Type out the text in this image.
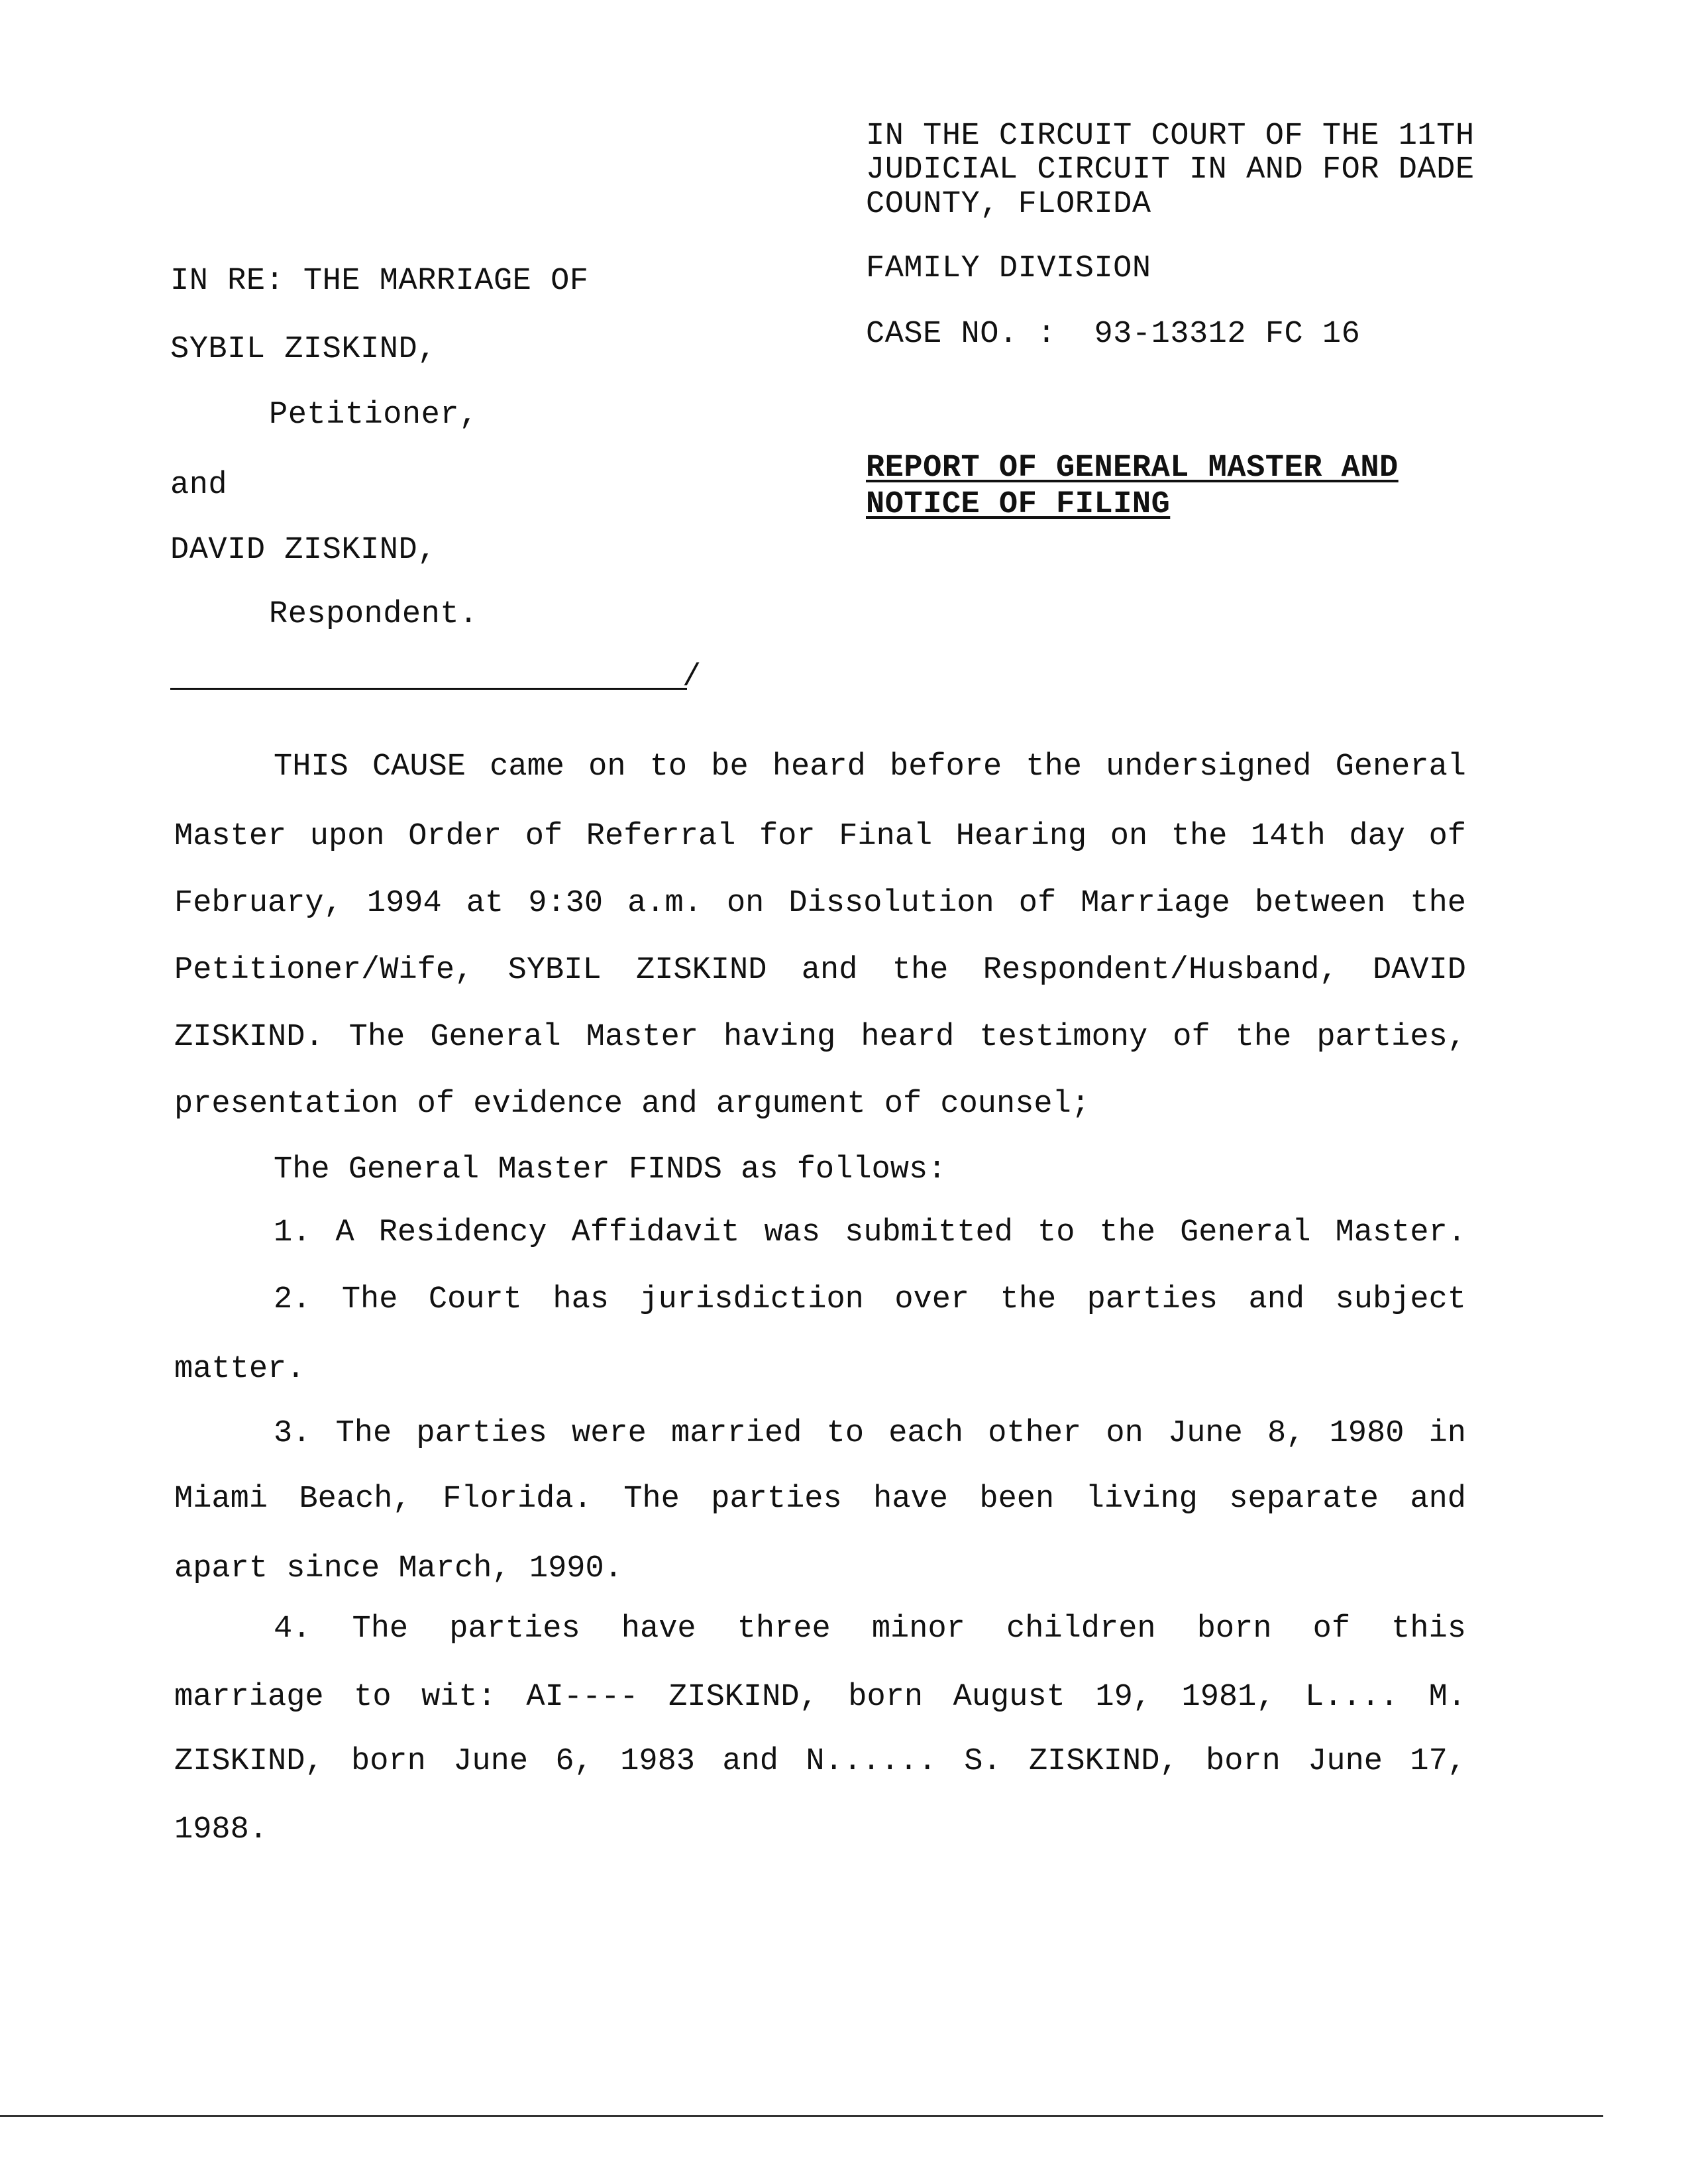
IN THE CIRCUIT COURT OF THE 11TH
JUDICIAL CIRCUIT IN AND FOR DADE
COUNTY, FLORIDA
FAMILY DIVISION
CASE NO. :  93-13312 FC 16
REPORT OF GENERAL MASTER AND
NOTICE OF FILING
IN RE: THE MARRIAGE OF
SYBIL ZISKIND,
Petitioner,
and
DAVID ZISKIND,
Respondent.
/
THIS CAUSE came on to be heard before the undersigned General
Master upon Order of Referral for Final Hearing on the 14th day of
February, 1994 at 9:30 a.m. on Dissolution of Marriage between the
Petitioner/Wife, SYBIL ZISKIND and the Respondent/Husband, DAVID
ZISKIND. The General Master having heard testimony of the parties,
presentation of evidence and argument of counsel;
The General Master FINDS as follows:
1. A Residency Affidavit was submitted to the General Master.
2. The Court has jurisdiction over the parties and subject
matter.
3. The parties were married to each other on June 8, 1980 in
Miami Beach, Florida. The parties have been living separate and
apart since March, 1990.
4. The parties have three minor children born of this
marriage to wit: AI---- ZISKIND, born August 19, 1981, L.... M.
ZISKIND, born June 6, 1983 and N...... S. ZISKIND, born June 17,
1988.
